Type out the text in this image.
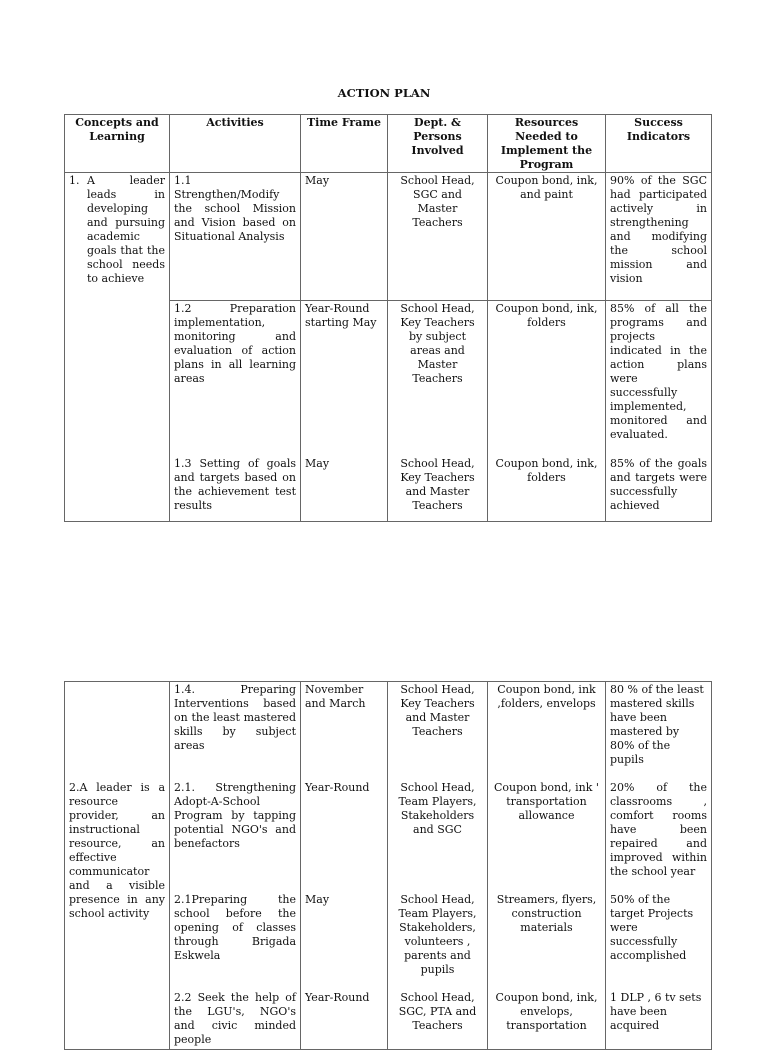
ACTION PLAN
Concepts and Learning	Activities	Time Frame	Dept. & Persons Involved	Resources Needed to Implement the Program	Success Indicators

1. A leader leads in developing and pursuing academic goals that the school needs to achieve	1.1 Strengthen/Modify the school Mission and Vision based on Situational Analysis	May	School Head, SGC and Master Teachers	Coupon bond, ink, and paint	90% of the SGC had participated actively in strengthening and modifying the school mission and vision
	1.2 Preparation implementation, monitoring and evaluation of action plans in all learning areas	Year-Round starting May	School Head, Key Teachers by subject areas and Master Teachers	Coupon bond, ink, folders	85% of all the programs and projects indicated in the action plans were successfully implemented, monitored and evaluated.
	1.3 Setting of goals and targets based on the achievement test results	May	School Head, Key Teachers and Master Teachers	Coupon bond, ink, folders	85% of the goals and targets were successfully achieved
	1.4. Preparing Interventions based on the least mastered skills by subject areas	November and March	School Head, Key Teachers and Master Teachers	Coupon bond, ink ,folders, envelops	80 % of the least mastered skills have been mastered by 80% of the pupils
2.A leader is a resource provider, an instructional resource, an effective communicator and a visible presence in any school activity	2.1. Strengthening Adopt-A-School Program by tapping potential NGO's and benefactors	Year-Round	School Head, Team Players, Stakeholders and SGC	Coupon bond, ink ' transportation allowance	20% of the classrooms , comfort rooms have been repaired and improved within the school year
	2.1Preparing the school before the opening of classes through Brigada Eskwela	May	School Head, Team Players, Stakeholders, volunteers , parents and pupils	Streamers, flyers, construction materials	50% of the target Projects were successfully accomplished
	2.2 Seek the help of the LGU's, NGO's and civic minded people	Year-Round	School Head, SGC, PTA and Teachers	Coupon bond, ink, envelops, transportation	1 DLP , 6 tv sets have been acquired
